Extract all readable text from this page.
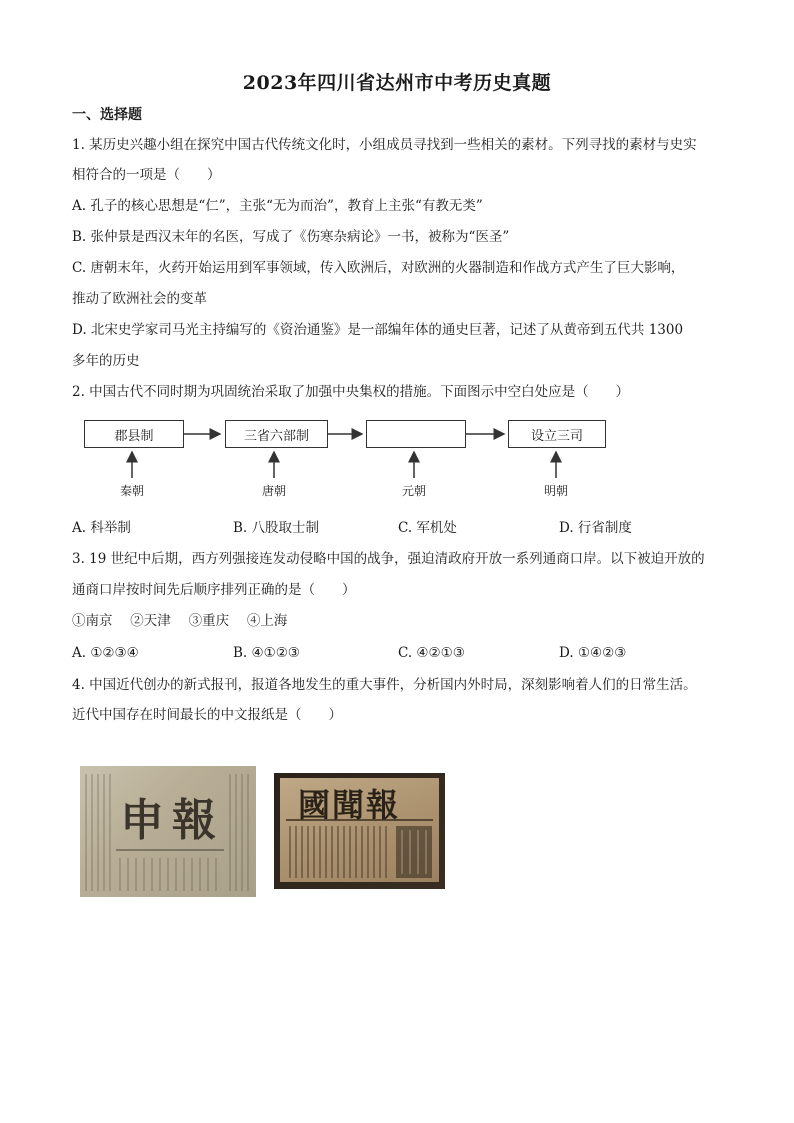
2023年四川省达州市中考历史真题
一、选择题
1. 某历史兴趣小组在探究中国古代传统文化时，小组成员寻找到一些相关的素材。下列寻找的素材与史实
相符合的一项是（　　）
A. 孔子的核心思想是“仁”，主张“无为而治”，教育上主张“有教无类”
B. 张仲景是西汉末年的名医，写成了《伤寒杂病论》一书，被称为“医圣”
C. 唐朝末年，火药开始运用到军事领域，传入欧洲后，对欧洲的火器制造和作战方式产生了巨大影响，
推动了欧洲社会的变革
D. 北宋史学家司马光主持编写的《资治通鉴》是一部编年体的通史巨著，记述了从黄帝到五代共 1300
多年的历史
2. 中国古代不同时期为巩固统治采取了加强中央集权的措施。下面图示中空白处应是（　　）
郡县制	三省六部制	设立三司
秦朝	唐朝	元朝	明朝
A. 科举制	B. 八股取士制	C. 军机处	D. 行省制度
3. 19 世纪中后期，西方列强接连发动侵略中国的战争，强迫清政府开放一系列通商口岸。以下被迫开放的
通商口岸按时间先后顺序排列正确的是（　　）
①南京　 ②天津　 ③重庆　 ④上海
A. ①②③④	B. ④①②③	C. ④②①③	D. ①④②③
4. 中国近代创办的新式报刊，报道各地发生的重大事件，分析国内外时局，深刻影响着人们的日常生活。
近代中国存在时间最长的中文报纸是（　　）
申報 國聞報
